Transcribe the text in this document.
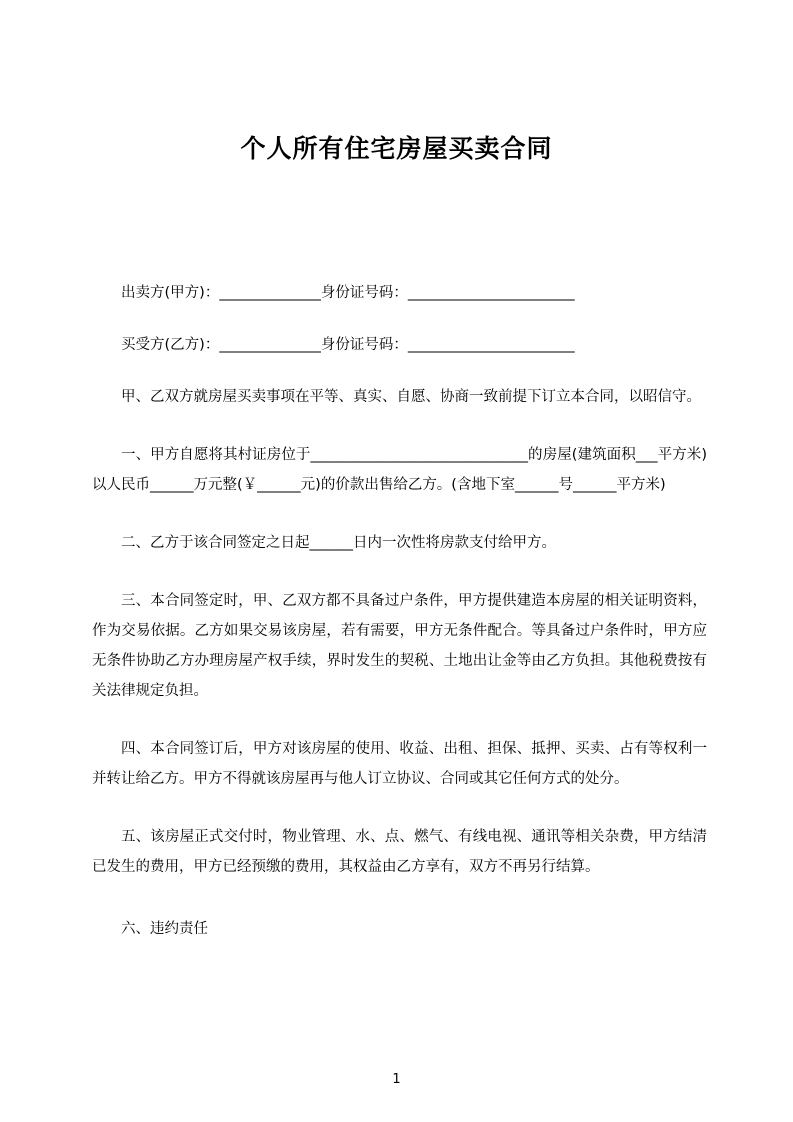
个人所有住宅房屋买卖合同
出卖方(甲方)：______________身份证号码：_______________________
买受方(乙方)：______________身份证号码：_______________________
甲、乙双方就房屋买卖事项在平等、真实、自愿、协商一致前提下订立本合同，以昭信守。
一、甲方自愿将其村证房位于______________________________的房屋(建筑面积___平方米)以人民币______万元整(￥______元)的价款出售给乙方。(含地下室______号______平方米)
二、乙方于该合同签定之日起______日内一次性将房款支付给甲方。
三、本合同签定时，甲、乙双方都不具备过户条件，甲方提供建造本房屋的相关证明资料，作为交易依据。乙方如果交易该房屋，若有需要，甲方无条件配合。等具备过户条件时，甲方应无条件协助乙方办理房屋产权手续，界时发生的契税、土地出让金等由乙方负担。其他税费按有关法律规定负担。
四、本合同签订后，甲方对该房屋的使用、收益、出租、担保、抵押、买卖、占有等权利一并转让给乙方。甲方不得就该房屋再与他人订立协议、合同或其它任何方式的处分。
五、该房屋正式交付时，物业管理、水、点、燃气、有线电视、通讯等相关杂费，甲方结清已发生的费用，甲方已经预缴的费用，其权益由乙方享有，双方不再另行结算。
六、违约责任
1
